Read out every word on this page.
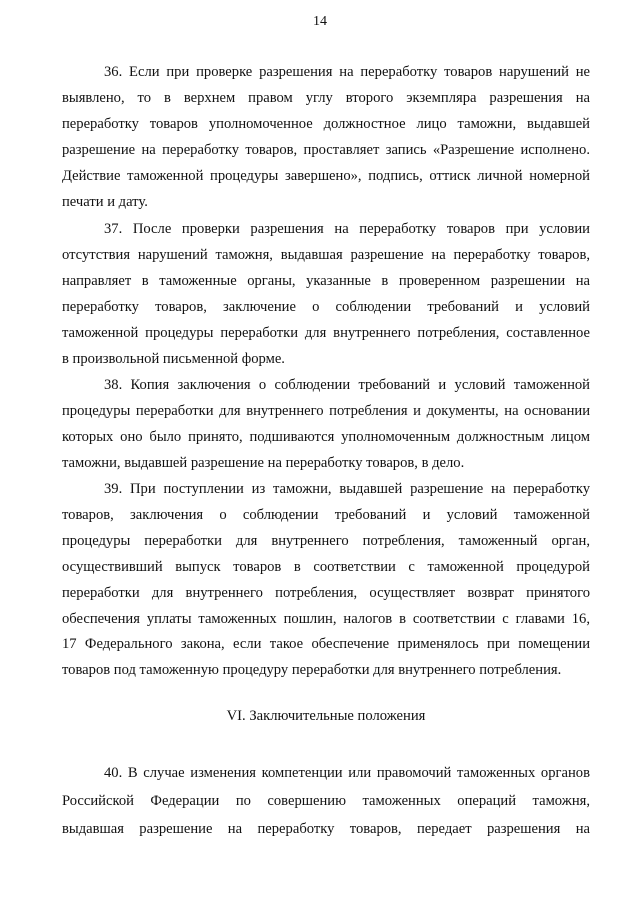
14

36. Если при проверке разрешения на переработку товаров нарушений не
выявлено, то в верхнем правом углу второго экземпляра разрешения на
переработку товаров уполномоченное должностное лицо таможни, выдавшей
разрешение на переработку товаров, проставляет запись «Разрешение исполнено.
Действие таможенной процедуры завершено», подпись, оттиск личной номерной
печати и дату.

37. После проверки разрешения на переработку товаров при условии
отсутствия нарушений таможня, выдавшая разрешение на переработку товаров,
направляет в таможенные органы, указанные в проверенном разрешении на
переработку товаров, заключение о соблюдении требований и условий
таможенной процедуры переработки для внутреннего потребления, составленное
в произвольной письменной форме.

38. Копия заключения о соблюдении требований и условий таможенной
процедуры переработки для внутреннего потребления и документы, на основании
которых оно было принято, подшиваются уполномоченным должностным лицом
таможни, выдавшей разрешение на переработку товаров, в дело.

39. При поступлении из таможни, выдавшей разрешение на переработку
товаров, заключения о соблюдении требований и условий таможенной
процедуры переработки для внутреннего потребления, таможенный орган,
осуществивший выпуск товаров в соответствии с таможенной процедурой
переработки для внутреннего потребления, осуществляет возврат принятого
обеспечения уплаты таможенных пошлин, налогов в соответствии с главами 16,
17 Федерального закона, если такое обеспечение применялось при помещении
товаров под таможенную процедуру переработки для внутреннего потребления.

VI. Заключительные положения

40. В случае изменения компетенции или правомочий таможенных органов
Российской Федерации по совершению таможенных операций таможня,
выдавшая разрешение на переработку товаров, передает разрешения на
